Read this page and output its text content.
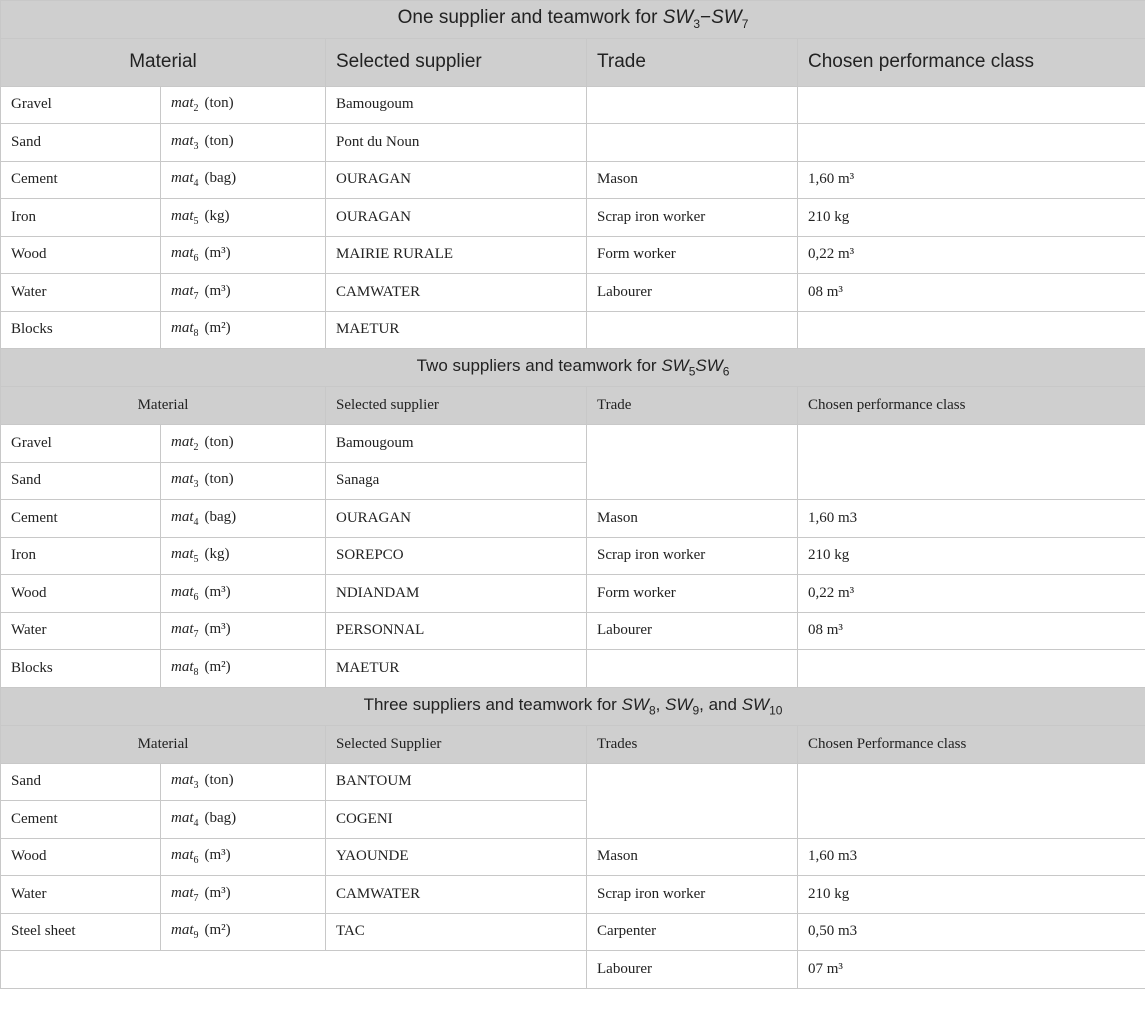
One supplier and teamwork for $SW_3-SW_7$
Material		Selected supplier	Trade	Chosen performance class
Gravel	mat$_2$ (ton)	Bamougoum		
Sand	mat$_3$ (ton)	Pont du Noun		
Cement	mat$_4$ (bag)	OURAGAN	Mason	1,60 m³
Iron	mat$_5$ (kg)	OURAGAN	Scrap iron worker	210 kg
Wood	mat$_6$ (m³)	MAIRIE RURALE	Form worker	0,22 m³
Water	mat$_7$ (m³)	CAMWATER	Labourer	08 m³
Blocks	mat$_8$ (m²)	MAETUR		
Two suppliers and teamwork for $SW_5SW_6$
Material		Selected supplier	Trade	Chosen performance class
Gravel	mat$_2$ (ton)	Bamougoum		
Sand	mat$_3$ (ton)	Sanaga		
Cement	mat$_4$ (bag)	OURAGAN	Mason	1,60 m3
Iron	mat$_5$ (kg)	SOREPCO	Scrap iron worker	210 kg
Wood	mat$_6$ (m³)	NDIANDAM	Form worker	0,22 m³
Water	mat$_7$ (m³)	PERSONNAL	Labourer	08 m³
Blocks	mat$_8$ (m²)	MAETUR		
Three suppliers and teamwork for $SW_8$, $SW_9$, and $SW_{10}$
Material		Selected Supplier	Trades	Chosen Performance class
Sand	mat$_3$ (ton)	BANTOUM		
Cement	mat$_4$ (bag)	COGENI		
Wood	mat$_6$ (m³)	YAOUNDE	Mason	1,60 m3
Water	mat$_7$ (m³)	CAMWATER	Scrap iron worker	210 kg
Steel sheet	mat$_9$ (m²)	TAC	Carpenter	0,50 m3
			Labourer	07 m³
